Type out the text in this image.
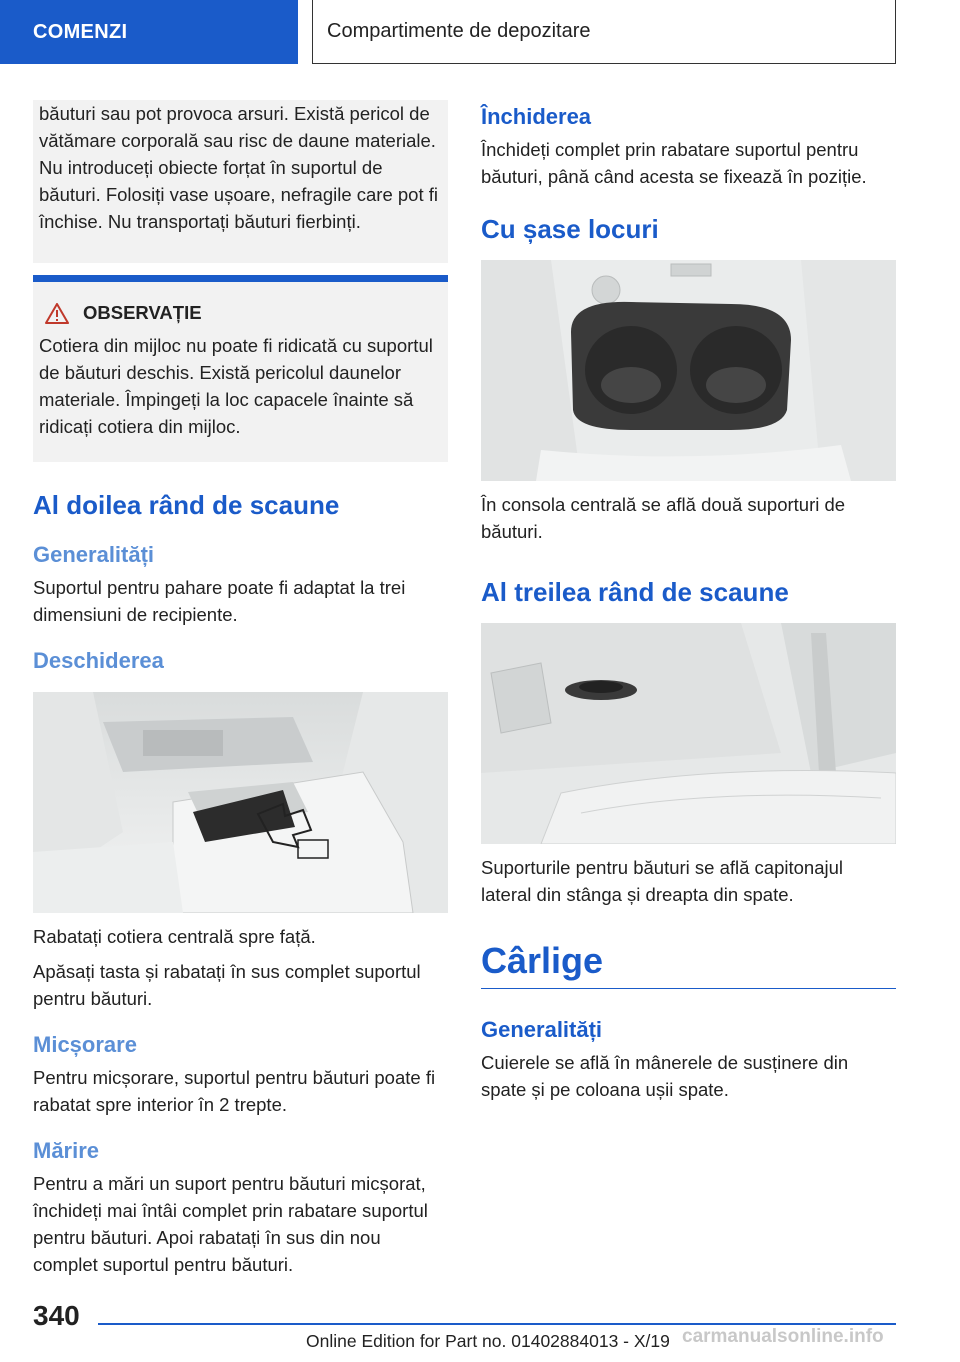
COMENZI	Compartimente de depozitare

băuturi sau pot provoca arsuri. Există pericol de vătămare corporală sau risc de daune materiale. Nu introduceți obiecte forțat în suportul de băuturi. Folosiți vase ușoare, nefragile care pot fi închise. Nu transportați băuturi fierbinți.

OBSERVAȚIE

Cotiera din mijloc nu poate fi ridicată cu suportul de băuturi deschis. Există pericolul daunelor materiale. Împingeți la loc capacele înainte să ridicați cotiera din mijloc.

Al doilea rând de scaune
Generalități

Suportul pentru pahare poate fi adaptat la trei dimensiuni de recipiente.

Deschiderea

Rabatați cotiera centrală spre față.

Apăsați tasta și rabatați în sus complet suportul pentru băuturi.

Micșorare

Pentru micșorare, suportul pentru băuturi poate fi rabatat spre interior în 2 trepte.

Mărire

Pentru a mări un suport pentru băuturi micșorat, închideți mai întâi complet prin rabatare suportul pentru băuturi. Apoi rabatați în sus din nou complet suportul pentru băuturi.

Închiderea

Închideți complet prin rabatare suportul pentru băuturi, până când acesta se fixează în poziție.

Cu șase locuri

În consola centrală se află două suporturi de băuturi.

Al treilea rând de scaune

Suporturile pentru băuturi se află capitonajul lateral din stânga și dreapta din spate.

Cârlige
Generalități

Cuierele se află în mânerele de susținere din spate și pe coloana ușii spate.

340
Online Edition for Part no. 01402884013 - X/19 carmanualsonline.info
